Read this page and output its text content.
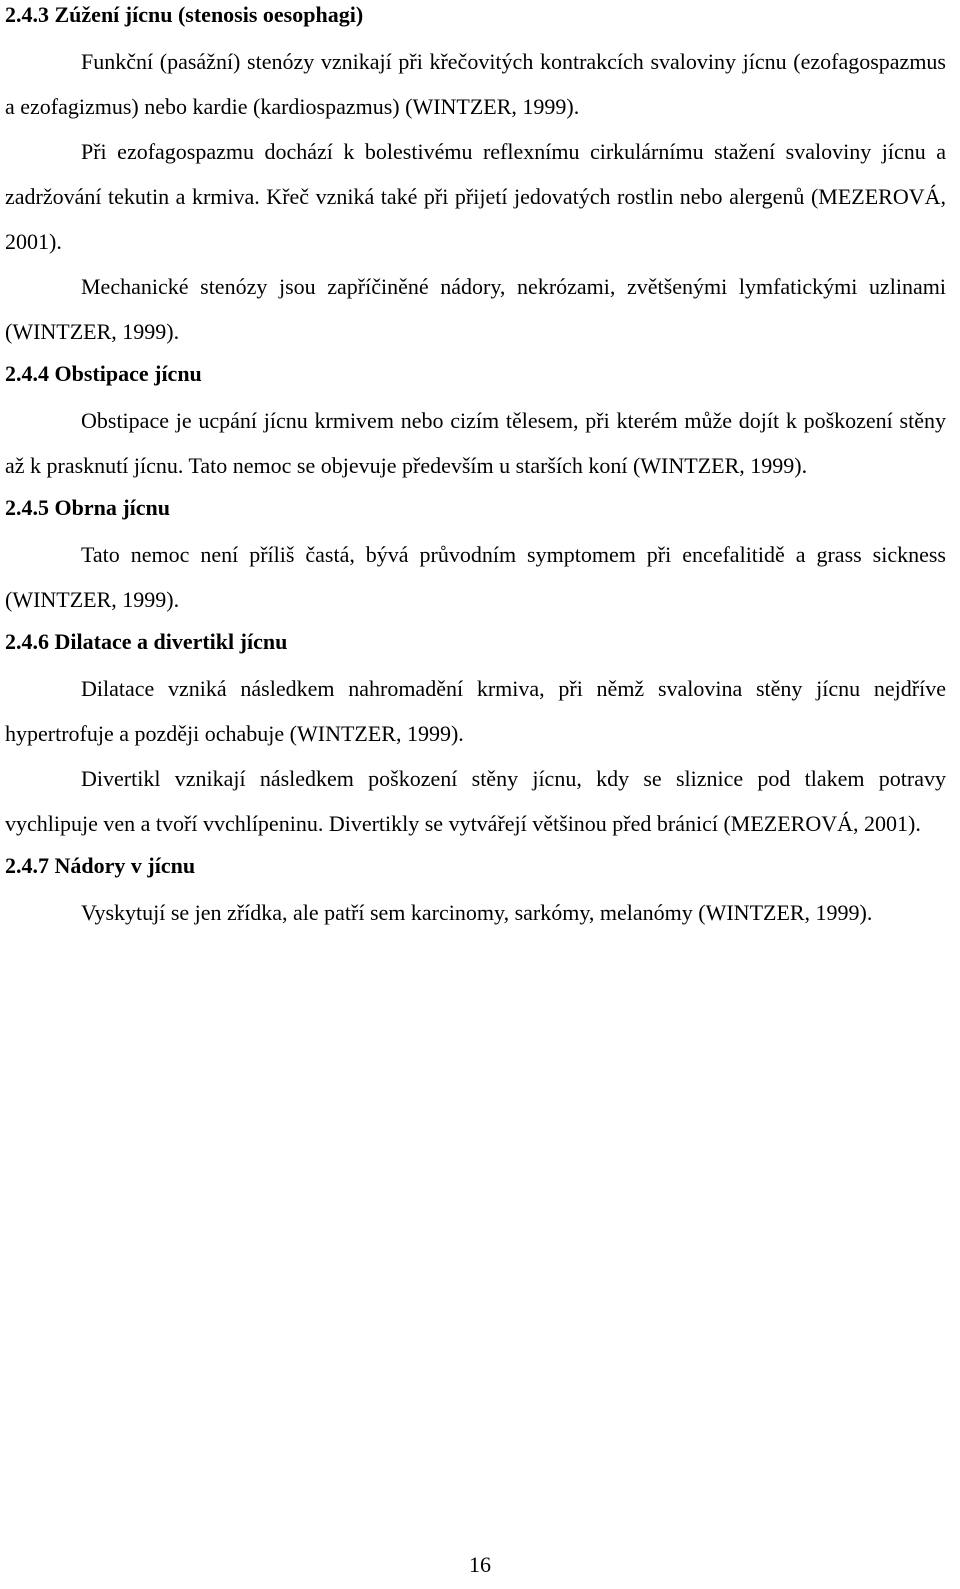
2.4.3 Zúžení jícnu (stenosis oesophagi)

Funkční (pasážní) stenózy vznikají při křečovitých kontrakcích svaloviny jícnu (ezofagospazmus a ezofagizmus) nebo kardie (kardiospazmus) (WINTZER, 1999).

Při ezofagospazmu dochází k bolestivému reflexnímu cirkulárnímu stažení svaloviny jícnu a zadržování tekutin a krmiva. Křeč vzniká také při přijetí jedovatých rostlin nebo alergenů (MEZEROVÁ, 2001).

Mechanické stenózy jsou zapříčiněné nádory, nekrózami, zvětšenými lymfatickými uzlinami (WINTZER, 1999).

2.4.4 Obstipace jícnu

Obstipace je ucpání jícnu krmivem nebo cizím tělesem, při kterém může dojít k poškození stěny až k prasknutí jícnu. Tato nemoc se objevuje především u starších koní (WINTZER, 1999).

2.4.5 Obrna jícnu

Tato nemoc není příliš častá, bývá průvodním symptomem při encefalitidě a grass sickness (WINTZER, 1999).

2.4.6 Dilatace a divertikl jícnu

Dilatace vzniká následkem nahromadění krmiva, při němž svalovina stěny jícnu nejdříve hypertrofuje a později ochabuje (WINTZER, 1999).

Divertikl vznikají následkem poškození stěny jícnu, kdy se sliznice pod tlakem potravy vychlipuje ven a tvoří vvchlípeninu. Divertikly se vytvářejí většinou před bránicí (MEZEROVÁ, 2001).

2.4.7 Nádory v jícnu

Vyskytují se jen zřídka, ale patří sem karcinomy, sarkómy, melanómy (WINTZER, 1999).

16
